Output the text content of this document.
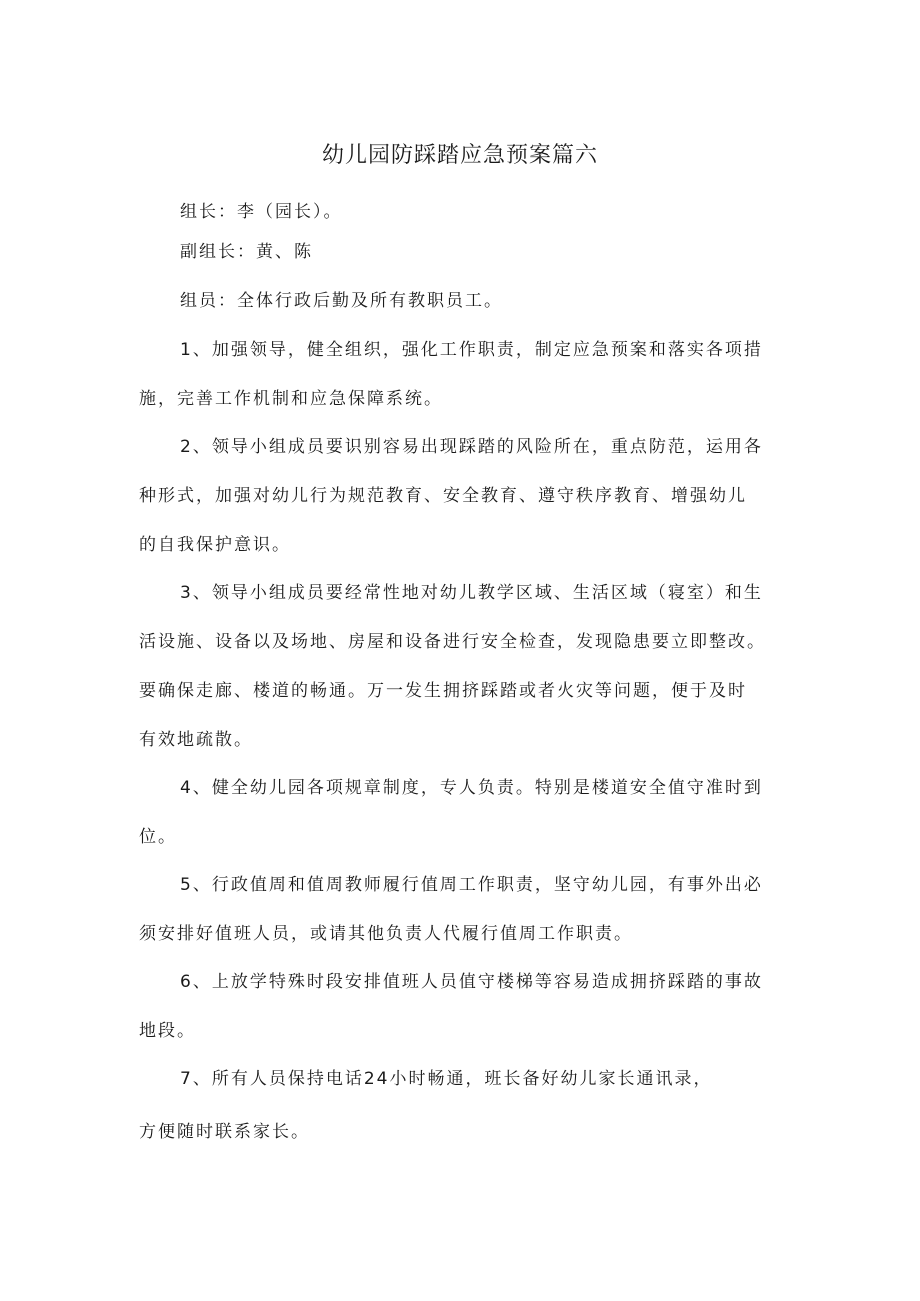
幼儿园防踩踏应急预案篇六

组长：李（园长）。

副组长：黄、陈

组员：全体行政后勤及所有教职员工。

1、加强领导，健全组织，强化工作职责，制定应急预案和落实各项措
施，完善工作机制和应急保障系统。

2、领导小组成员要识别容易出现踩踏的风险所在，重点防范，运用各
种形式，加强对幼儿行为规范教育、安全教育、遵守秩序教育、增强幼儿
的自我保护意识。

3、领导小组成员要经常性地对幼儿教学区域、生活区域（寝室）和生
活设施、设备以及场地、房屋和设备进行安全检查，发现隐患要立即整改。
要确保走廊、楼道的畅通。万一发生拥挤踩踏或者火灾等问题，便于及时
有效地疏散。

4、健全幼儿园各项规章制度，专人负责。特别是楼道安全值守准时到
位。

5、行政值周和值周教师履行值周工作职责，坚守幼儿园，有事外出必
须安排好值班人员，或请其他负责人代履行值周工作职责。

6、上放学特殊时段安排值班人员值守楼梯等容易造成拥挤踩踏的事故
地段。

7、所有人员保持电话24小时畅通，班长备好幼儿家长通讯录，
方便随时联系家长。
